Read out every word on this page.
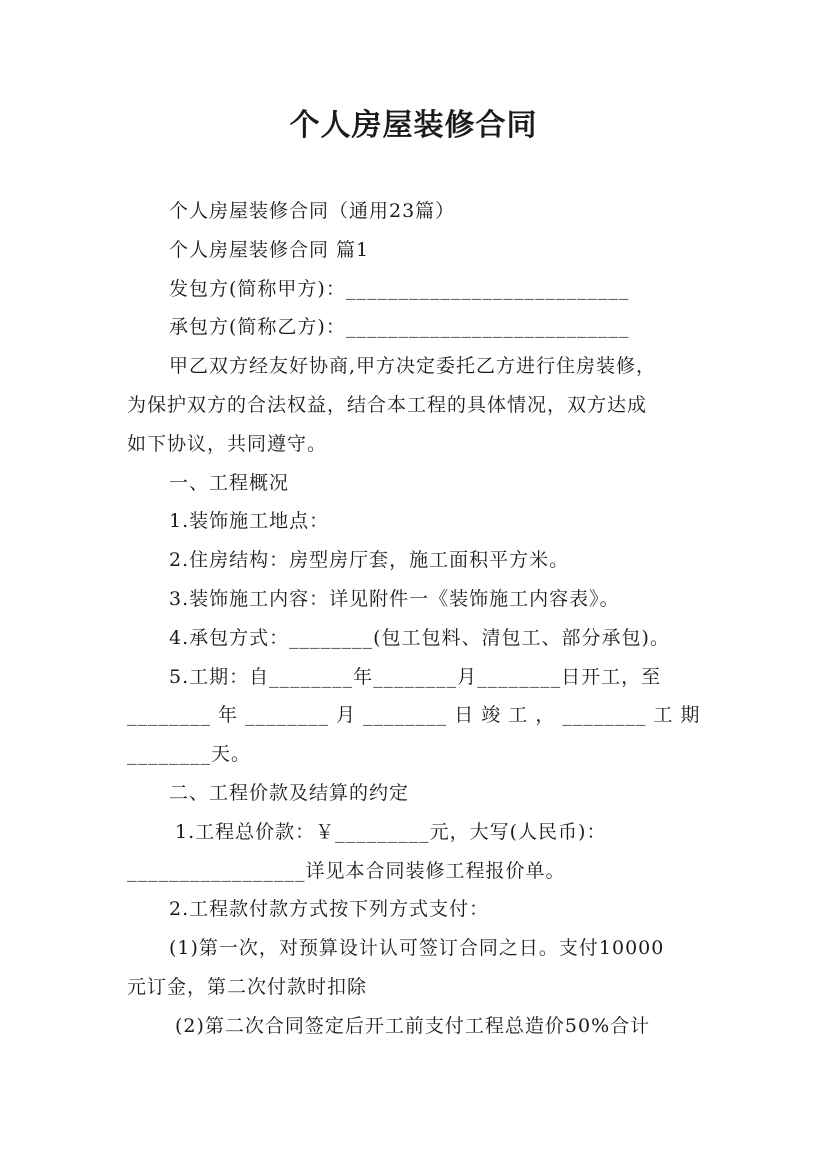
个人房屋装修合同

个人房屋装修合同（通用23篇）

个人房屋装修合同 篇1

发包方(简称甲方)：___________________________

承包方(简称乙方)：___________________________

甲乙双方经友好协商,甲方决定委托乙方进行住房装修，

为保护双方的合法权益，结合本工程的具体情况，双方达成

如下协议，共同遵守。

一、工程概况

1.装饰施工地点：

2.住房结构：房型房厅套，施工面积平方米。

3.装饰施工内容：详见附件一《装饰施工内容表》。

4.承包方式：________(包工包料、清包工、部分承包)。

5.工期：自________年________月________日开工，至

________ 年 ________ 月 ________ 日 竣 工 ， ________ 工 期

________天。

二、工程价款及结算的约定

1.工程总价款：￥_________元，大写(人民币)：

_________________详见本合同装修工程报价单。

2.工程款付款方式按下列方式支付：

(1)第一次，对预算设计认可签订合同之日。支付10000

元订金，第二次付款时扣除

(2)第二次合同签定后开工前支付工程总造价50%合计
